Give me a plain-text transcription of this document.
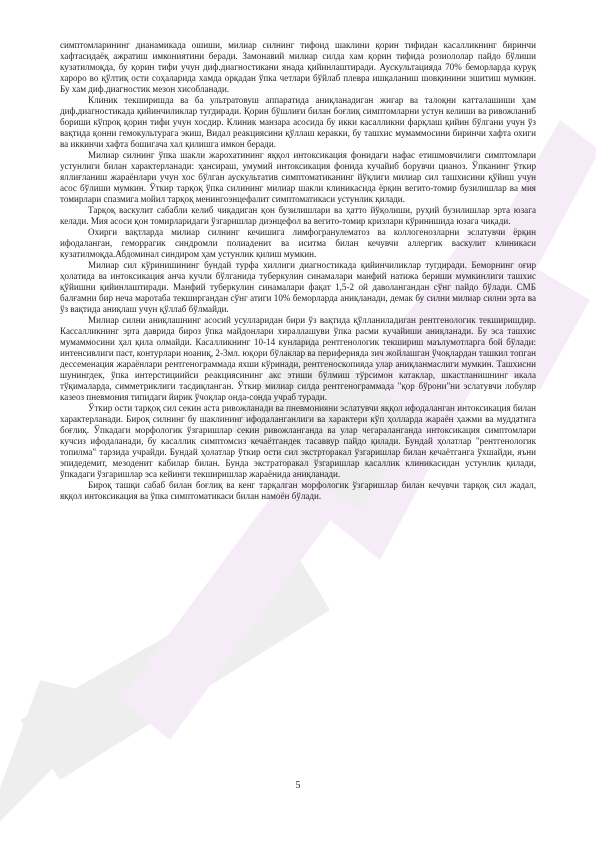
симптомларининг дианамикада ошиши, милиар силнинг тифоид шаклини қорин тифидан касалликнинг биринчи хафтасидаёқ ажратиш имкониятини беради. Замонавий милиар силда хам қорин тифида розиололар пайдо бўлиши кузатилмоқда, бу қорин тифи учун диф.диагностикани янада қийинлаштиради. Аускультацияда 70% беморларда куруқ хароро во қўлтиқ ости соҳаларида хамда орқадан ўпка четлари бўйлаб плевра ишқаланиш шовқинини эшитиш мумкин. Бу хам диф.диагностик мезон хисобланади.

Клиник текширишда ва ба ультратовуш аппаратида аниқланадиган жигар ва талоқни катталашиши ҳам диф.диагностикада қийинчиликлар тугдиради. Қорин бўшлиғи билан боғлиқ симптомларни устун келиши ва ривожланиб бориши кўпроқ қорин тифи учун хосдир. Клиник манзара асосида бу икки касалликни фарқлаш қийин бўлгани учун ўз вақтида қонни гемокультурага экиш, Видал реакциясини қўллаш керакки, бу ташхис мумаммосини биринчи хафта охиги ва иккинчи хафта бошигача хал қилишга имкон беради.

Милиар силнинг ўпка шакли жарохатининг яққол интоксикация фонидаги нафас етишмовчилиги симптомлари устунлиги билан характерланади: ҳансираш, умумий интоксикация фонида кучайиб борувчи цианоз. Ўпканинг ўткир яллиғланиш жараёнлари учун хос бўлган аускультатив симптоматиканинг йўқлиги милиар сил ташхисини қўйиш учун асос бўлиши мумкин. Ўткир тарқоқ ўпка силининг милиар шакли клиникасида ёрқин вегито-томир бузилишлар ва мия томирлари спазмига мойил тарқоқ менингоэнцефалит симптоматикаси устунлик қилади.

Тарқоқ васкулит сабабли келиб чиқадиган қон бузилишлари ва ҳатто йўқолиши, руҳий бузилишлар эрта юзага келади. Мия асоси қон томирларидаги ўзгаришлар диэнцефол ва вегито-томир кризлари кўринишида юзага чиқади.

Охирги вақтларда милиар силнинг кечишига лимфогранулематоз ва коллогенозларни эслатувчи ёрқин ифодаланган, геморрагик синдромли полиадениτ ва иситма билан кечувчи аллергик васкулит клиникаси кузатилмоқда.Абдоминал синдиром ҳам устунлик қилиш мумкин.

Милиар сил кўринишининг бундай турфа хиллиги диагностикада қийинчиликлар тугдиради. Беморнинг оғир ҳолатида ва интоксикация анча кучли бўлганида туберкулин синамалари манфий натижа бериши мумкинлиги ташхис қўйишни қийинлаштиради. Манфий туберкулин синамалари фақат 1,5-2 ой даволангандан сўнг пайдо бўлади. СМБ балғамни бир неча маротаба текширгандан сўнг атиги 10% беморларда аниқланади, демак бу силни милиар силни эрта ва ўз вақтида аниқлаш учун қўллаб бўлмайди.

Милиар силни аниқлашнинг асосий усулларидан бири ўз вақтида қўлланиладиган рентгенологик текширишдир. Кассалликнинг эрта даврида бироз ўпка майдонлари хираллашуви ўпка расми кучайиши аниқланади. Бу эса ташхис мумаммосини ҳал қила олмайди. Касалликнинг 10-14 кунларида рентгенологик текшириш маълумотларга бой бўлади: интенсивлиги паст, контурлари ноаниқ, 2-3мл. юқори бўлаклар ва периферияда зич жойлашган ўчоқлардан ташкил топган дессеменация жараёнлари рентгенограммада яхши кўринади, рентгеноскопияда улар аниқланмаслиги мумкин. Ташхисни шунингдек, ўпка интерстициийси реакциясининг акс этиши бўлмиш тўрсимон катаклар, шкастланишнинг икала тўқималарда, симметриклиги тасдиқланган. Ўткир милиар силда рентгенограммада "қор бўрони"ни эслатувчи лобуляр казеоз пневмония типидаги йирик ўчоқлар онда-сонда учраб туради.

Ўткир ости тарқоқ сил секин аста ривожланади ва пневмонияни эслатувчи яққол ифодаланган интоксикация билан характерланади. Бироқ силнинг бу шаклининг ифодаланганлиги ва характери кўп ҳолларда жараён ҳажми ва муддатига боғлиқ. Ўпкадаги морфологик ўзгаришлар секин ривожланганда ва улар чегараланганда интоксикация симптомлари кучсиз ифодаланади, бу касаллик симптомсиз кечаётгандек тасаввур пайдо қилади. Бундай ҳолатлар "рентгенологик топилма" тарзида учрайди. Бундай ҳолатлар ўткир ости сил экстрторакал ўзгаришлар билан кечаётганга ўхшайди, яъни эпидедемит, мезоденит кабилар билан. Бунда экстраторакал ўзгаришлар касаллик клиникасидан устунлик қилади, ўпкадаги ўзгаришлар эса кейинги текширишлар жараёнида аниқланади.

Бироқ ташқи сабаб билан боғлиқ ва кенг тарқалган морфологик ўзгаришлар билан кечувчи тарқоқ сил жадал, яққол интоксикация ва ўпка симптоматикаси билан намоён бўлади.

5
